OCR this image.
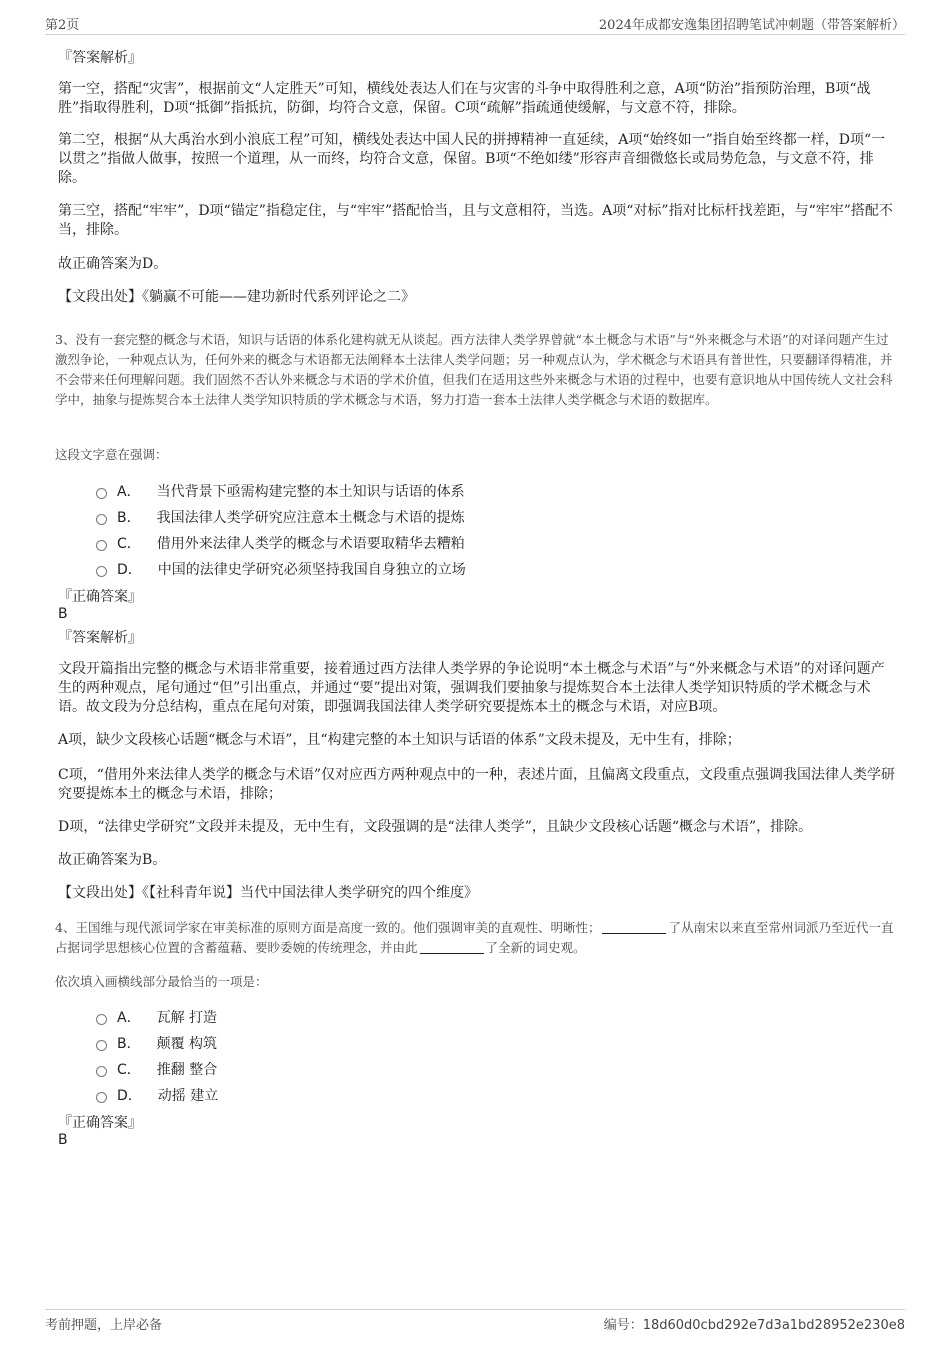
第2页	2024年成都安逸集团招聘笔试冲刺题（带答案解析）

『答案解析』

第一空，搭配“灾害”，根据前文“人定胜天”可知，横线处表达人们在与灾害的斗争中取得胜利之意，A项“防治”指预防治理，B项“战胜”指取得胜利，D项“抵御”指抵抗，防御，均符合文意，保留。C项“疏解”指疏通使缓解，与文意不符，排除。

第二空，根据“从大禹治水到小浪底工程”可知，横线处表达中国人民的拼搏精神一直延续，A项“始终如一”指自始至终都一样，D项“一以贯之”指做人做事，按照一个道理，从一而终，均符合文意，保留。B项“不绝如缕”形容声音细微悠长或局势危急，与文意不符，排除。

第三空，搭配“牢牢”，D项“锚定”指稳定住，与“牢牢”搭配恰当，且与文意相符，当选。A项“对标”指对比标杆找差距，与“牢牢”搭配不当，排除。

故正确答案为D。

【文段出处】《躺赢不可能——建功新时代系列评论之二》

3、没有一套完整的概念与术语，知识与话语的体系化建构就无从谈起。西方法律人类学界曾就“本土概念与术语”与“外来概念与术语”的对译问题产生过激烈争论，一种观点认为，任何外来的概念与术语都无法阐释本土法律人类学问题；另一种观点认为，学术概念与术语具有普世性，只要翻译得精准，并不会带来任何理解问题。我们固然不否认外来概念与术语的学术价值，但我们在适用这些外来概念与术语的过程中，也要有意识地从中国传统人文社会科学中，抽象与提炼契合本土法律人类学知识特质的学术概念与术语，努力打造一套本土法律人类学概念与术语的数据库。

这段文字意在强调：

A． 当代背景下亟需构建完整的本土知识与话语的体系
B． 我国法律人类学研究应注意本土概念与术语的提炼
C． 借用外来法律人类学的概念与术语要取精华去糟粕
D． 中国的法律史学研究必须坚持我国自身独立的立场

『正确答案』

B

『答案解析』

文段开篇指出完整的概念与术语非常重要，接着通过西方法律人类学界的争论说明“本土概念与术语”与“外来概念与术语”的对译问题产生的两种观点，尾句通过“但”引出重点，并通过“要”提出对策，强调我们要抽象与提炼契合本土法律人类学知识特质的学术概念与术语。故文段为分总结构，重点在尾句对策，即强调我国法律人类学研究要提炼本土的概念与术语，对应B项。

A项，缺少文段核心话题“概念与术语”，且“构建完整的本土知识与话语的体系”文段未提及，无中生有，排除；

C项，“借用外来法律人类学的概念与术语”仅对应西方两种观点中的一种，表述片面，且偏离文段重点，文段重点强调我国法律人类学研究要提炼本土的概念与术语，排除；

D项，“法律史学研究”文段并未提及，无中生有，文段强调的是“法律人类学”，且缺少文段核心话题“概念与术语”，排除。

故正确答案为B。

【文段出处】《【社科青年说】当代中国法律人类学研究的四个维度》

4、王国维与现代派词学家在审美标准的原则方面是高度一致的。他们强调审美的直观性、明晰性；	了从南宋以来直至常州词派乃至近代一直占据词学思想核心位置的含蓄蕴藉、要眇委婉的传统理念，并由此	了全新的词史观。

依次填入画横线部分最恰当的一项是：

A． 瓦解 打造
B． 颠覆 构筑
C． 推翻 整合
D． 动摇 建立

『正确答案』

B

考前押题，上岸必备	编号：18d60d0cbd292e7d3a1bd28952e230e8
